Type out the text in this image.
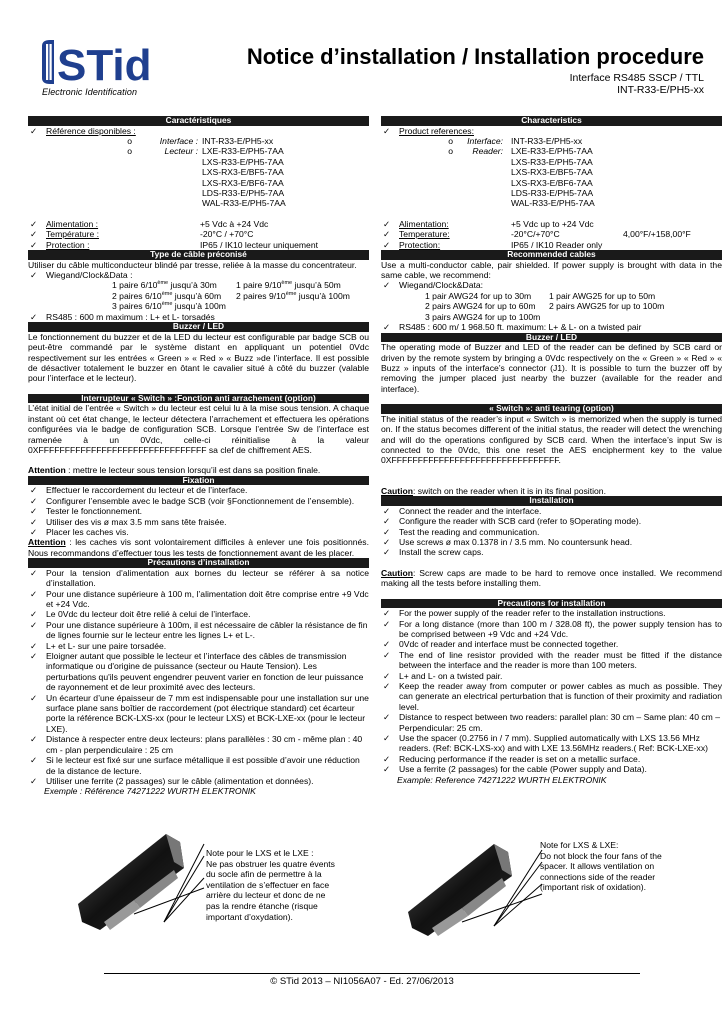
STid
Electronic Identification
Notice d’installation / Installation procedure
Interface RS485 SSCP / TTL
INT-R33-E/PH5-xx
Caractéristiques
✓	Référence disponibles :
o	Interface : INT-R33-E/PH5-xx
o	Lecteur : LXE-R33-E/PH5-7AA
LXS-R33-E/PH5-7AA
LXS-RX3-E/BF5-7AA
LXS-RX3-E/BF6-7AA
LDS-R33-E/PH5-7AA
WAL-R33-E/PH5-7AA
✓	Alimentation :	+5 Vdc à +24 Vdc
✓	Température :	-20°C / +70°C
✓	Protection :	IP65 / IK10 lecteur uniquement
Type de câble préconisé

Utiliser du câble multiconducteur blindé par tresse, reliée à la masse du concentrateur.

✓	Wiegand/Clock&Data :
1 paire 6/10ème jusqu’à 30m	1 paire 9/10ème jusqu’à 50m
2 paires 6/10ème jusqu’à 60m	2 paires 9/10ème jusqu’à 100m
3 paires 6/10ème jusqu’à 100m
✓	RS485 : 600 m maximum : L+ et L- torsadés
Buzzer / LED

Le fonctionnement du buzzer et de la LED du lecteur est configurable par badge SCB ou peut-être commandé par le système distant en appliquant un potentiel 0Vdc respectivement sur les entrées « Green » « Red » « Buzz »de l’interface. Il est possible de désactiver totalement le buzzer en ôtant le cavalier situé à côté du buzzer (valable pour l’interface et le lecteur).

Interrupteur « Switch » :Fonction anti arrachement (option)

L’état initial de l’entrée « Switch » du lecteur est celui lu à la mise sous tension. A chaque instant où cet état change, le lecteur détectera l’arrachement et effectuera les opérations configurées via le badge de configuration SCB. Lorsque l’entrée Sw de l’interface est ramenée à un 0Vdc, celle-ci réinitialise à la valeur 0XFFFFFFFFFFFFFFFFFFFFFFFFFFFFFFFF sa clef de chiffrement AES.

Attention : mettre le lecteur sous tension lorsqu’il est dans sa position finale.

Fixation
✓	Effectuer le raccordement du lecteur et de l’interface.
✓	Configurer l’ensemble avec le badge SCB (voir §Fonctionnement de l’ensemble).
✓	Tester le fonctionnement.
✓	Utiliser des vis ø max 3.5 mm sans tête fraisée.
✓	Placer les caches vis.

Attention : les caches vis sont volontairement difficiles à enlever une fois positionnés. Nous recommandons d’effectuer tous les tests de fonctionnement avant de les placer.

Précautions d’installation
✓	Pour la tension d'alimentation aux bornes du lecteur se référer à sa notice d’installation.
✓	Pour une distance supérieure à 100 m, l’alimentation doit être comprise entre +9 Vdc et +24 Vdc.
✓	Le 0Vdc du lecteur doit être relié à celui de l’interface.
✓	Pour une distance supérieure à 100m, il est nécessaire de câbler la résistance de fin de lignes fournie sur le lecteur entre les lignes L+ et L-.
✓	L+ et L- sur une paire torsadée.
✓	Eloigner autant que possible le lecteur et l’interface des câbles de transmission informatique ou d'origine de puissance (secteur ou Haute Tension). Les perturbations qu'ils peuvent engendrer peuvent varier en fonction de leur puissance de rayonnement et de leur proximité avec des lecteurs.
✓	Un écarteur d’une épaisseur de 7 mm est indispensable pour une installation sur une surface plane sans boîtier de raccordement (pot électrique standard) cet écarteur porte la référence BCK-LXS-xx (pour le lecteur LXS) et BCK-LXE-xx (pour le lecteur LXE).
✓	Distance à respecter entre deux lecteurs: plans parallèles : 30 cm - même plan : 40 cm - plan perpendiculaire : 25 cm
✓	Si le lecteur est fixé sur une surface métallique il est possible d’avoir une réduction de la distance de lecture.
✓	Utiliser une ferrite (2 passages) sur le câble (alimentation et données).
Exemple : Référence 74271222 WURTH ELEKTRONIK
Characteristics
✓	Product references:
o	Interface: INT-R33-E/PH5-xx
o	Reader: LXE-R33-E/PH5-7AA
LXS-R33-E/PH5-7AA
LXS-RX3-E/BF5-7AA
LXS-RX3-E/BF6-7AA
LDS-R33-E/PH5-7AA
WAL-R33-E/PH5-7AA
✓	Alimentation:	+5 Vdc up to +24 Vdc
✓	Temperature:	-20°C/+70°C	4,00°F/+158,00°F
✓	Protection:	IP65 / IK10 Reader only
Recommended cables

Use a multi-conductor cable, pair shielded. If power supply is brought with data in the same cable, we recommend:

✓	Wiegand/Clock&Data:
1 pair AWG24 for up to 30m	1 pair AWG25 for up to 50m
2 pairs AWG24 for up to 60m	2 pairs AWG25 for up to 100m
3 pairs AWG24 for up to 100m
✓	RS485 : 600 m/ 1 968.50 ft. maximum: L+ & L- on a twisted pair
Buzzer / LED

The operating mode of Buzzer and LED of the reader can be defined by SCB card or driven by the remote system by bringing a 0Vdc respectively on the « Green » « Red » « Buzz » inputs of the interface’s connector (J1). It is possible to turn the buzzer off by removing the jumper placed just nearby the buzzer (available for the reader and interface).

« Switch »: anti tearing (option)

The initial status of the reader’s input « Switch » is memorized when the supply is turned on. If the status becomes different of the initial status, the reader will detect the wrenching and will do the operations configured by SCB card. When the interface’s input Sw is connected to the 0Vdc, this one reset the AES encipherment key to the value 0XFFFFFFFFFFFFFFFFFFFFFFFFFFFFFFFF.

Caution: switch on the reader when it is in its final position.

Installation
✓	Connect the reader and the interface.
✓	Configure the reader with SCB card (refer to §Operating mode).
✓	Test the reading and communication.
✓	Use screws ø max 0.1378 in / 3.5 mm. No countersunk head.
✓	Install the screw caps.

Caution: Screw caps are made to be hard to remove once installed. We recommend making all the tests before installing them.

Precautions for installation
✓	For the power supply of the reader refer to the installation instructions.
✓	For a long distance (more than 100 m / 328.08 ft), the power supply tension has to be comprised between +9 Vdc and +24 Vdc.
✓	0Vdc of reader and interface must be connected together.
✓	The end of line resistor provided with the reader must be fitted if the distance between the interface and the reader is more than 100 meters.
✓	L+ and L- on a twisted pair.
✓	Keep the reader away from computer or power cables as much as possible. They can generate an electrical perturbation that is function of their proximity and radiation level.
✓	Distance to respect between two readers: parallel plan: 30 cm – Same plan: 40 cm – Perpendicular: 25 cm.
✓	Use the spacer (0.2756 in / 7 mm). Supplied automatically with LXS 13.56 MHz readers. (Ref: BCK-LXS-xx) and with LXE 13.56MHz readers.( Ref: BCK-LXE-xx)
✓	Reducing performance if the reader is set on a metallic surface.
✓	Use a ferrite (2 passages) for the cable (Power supply and Data).
Example: Reference 74271222 WURTH ELEKTRONIK
Note pour le LXS et le LXE :
Ne pas obstruer les quatre évents
du socle afin de permettre à la
ventilation de s’effectuer en face
arrière du lecteur et donc de ne
pas la rendre étanche (risque
important d’oxydation).
Note for LXS & LXE:
Do not block the four fans of the
spacer. It allows ventilation on
connections side of the reader
(important risk of oxidation).
© STid 2013 – NI1056A07 - Ed. 27/06/2013
